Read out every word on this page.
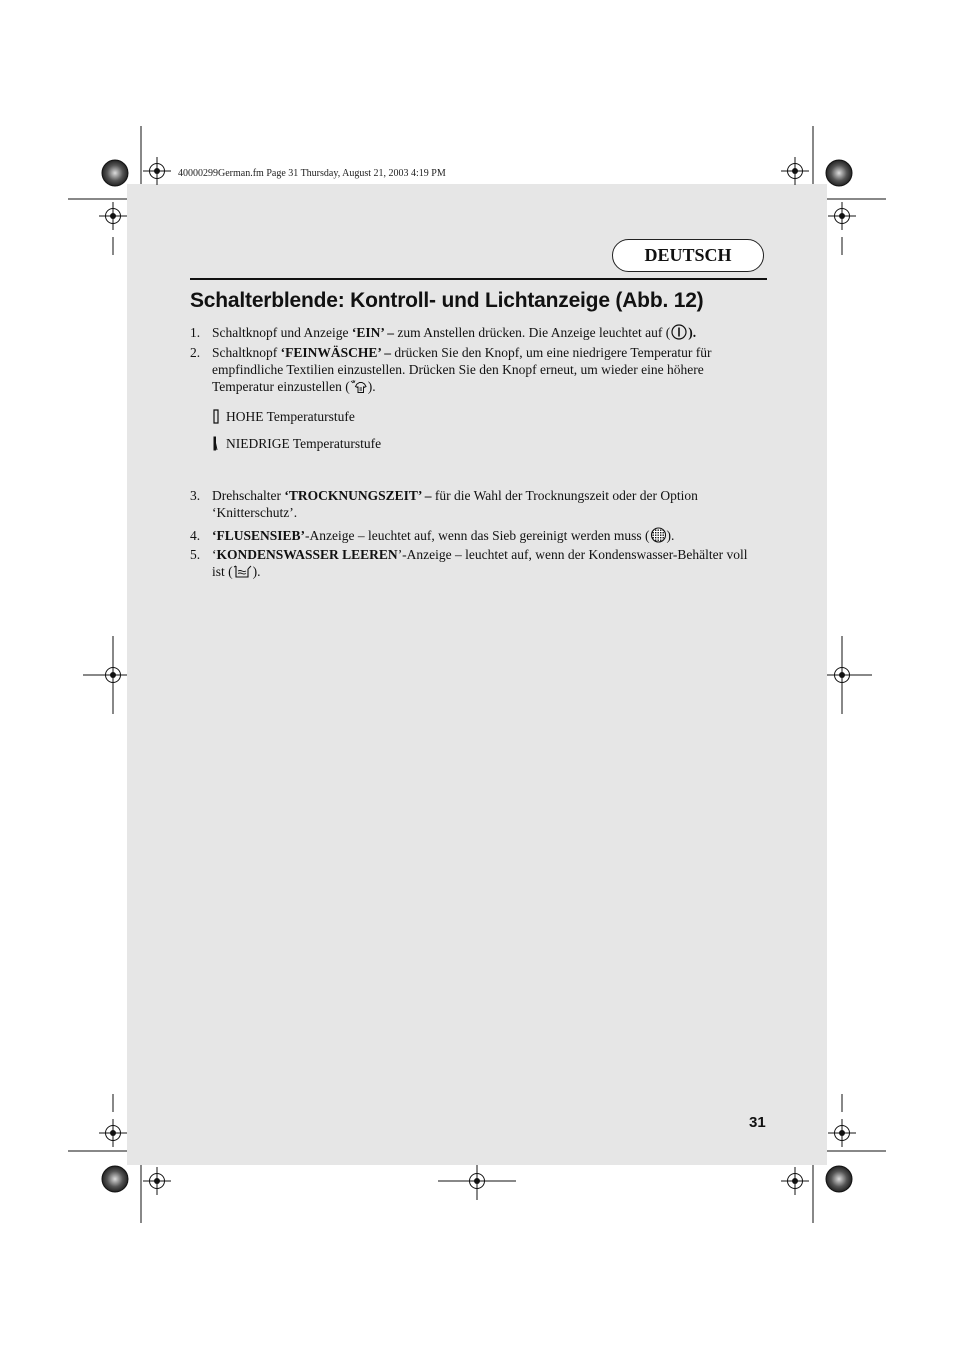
40000299German.fm Page 31 Thursday, August 21, 2003 4:19 PM
DEUTSCH
Schalterblende: Kontroll- und Lichtanzeige (Abb. 12)
1. Schaltknopf und Anzeige ‘EIN’ – zum Anstellen drücken. Die Anzeige leuchtet auf ( ).
2. Schaltknopf ‘FEINWÄSCHE’ – drücken Sie den Knopf, um eine niedrigere Temperatur für empfindliche Textilien einzustellen. Drücken Sie den Knopf erneut, um wieder eine höhere Temperatur einzustellen ( ).
HOHE Temperaturstufe
NIEDRIGE Temperaturstufe
3. Drehschalter ‘TROCKNUNGSZEIT’ – für die Wahl der Trocknungszeit oder der Option ‘Knitterschutz’.
4. ‘FLUSENSIEB’-Anzeige – leuchtet auf, wenn das Sieb gereinigt werden muss ( ).
5. ‘KONDENSWASSER LEEREN’-Anzeige – leuchtet auf, wenn der Kondenswasser-Behälter voll ist ( ).
31
